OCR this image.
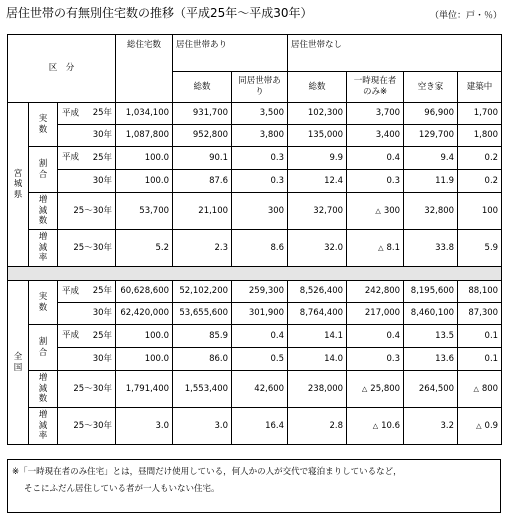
居住世帯の有無別住宅数の推移（平成25年～平成30年）	（単位：戸・％）
区　分			総住宅数	居住世帯あり		居住世帯なし			
				総数	同居世帯あり	総数	一時現在者のみ※	空き家	建築中
宮
城
県	実
数	平成 25年	1,034,100	931,700	3,500	102,300	3,700	96,900	1,700

		30年	1,087,800	952,800	3,800	135,000	3,400	129,700	1,800
	割
合	平成 25年	100.0	90.1	0.3	9.9	0.4	9.4	0.2

		30年	100.0	87.6	0.3	12.4	0.3	11.9	0.2
	増
減
数	25～30年	53,700	21,100	300	32,700	△ 300	32,800	100
	増
減
率	25～30年	5.2	2.3	8.6	32.0	△ 8.1	33.8	5.9

全
国	実
数	平成 25年	60,628,600	52,102,200	259,300	8,526,400	242,800	8,195,600	88,100

		30年	62,420,000	53,655,600	301,900	8,764,400	217,000	8,460,100	87,300
	割
合	平成 25年	100.0	85.9	0.4	14.1	0.4	13.5	0.1

		30年	100.0	86.0	0.5	14.0	0.3	13.6	0.1
	増
減
数	25～30年	1,791,400	1,553,400	42,600	238,000	△ 25,800	264,500	△ 800
	増
減
率	25～30年	3.0	3.0	16.4	2.8	△ 10.6	3.2	△ 0.9
※「一時現在者のみ住宅」とは，昼間だけ使用している，何人かの人が交代で寝泊まりしているなど，
そこにふだん居住している者が一人もいない住宅。
